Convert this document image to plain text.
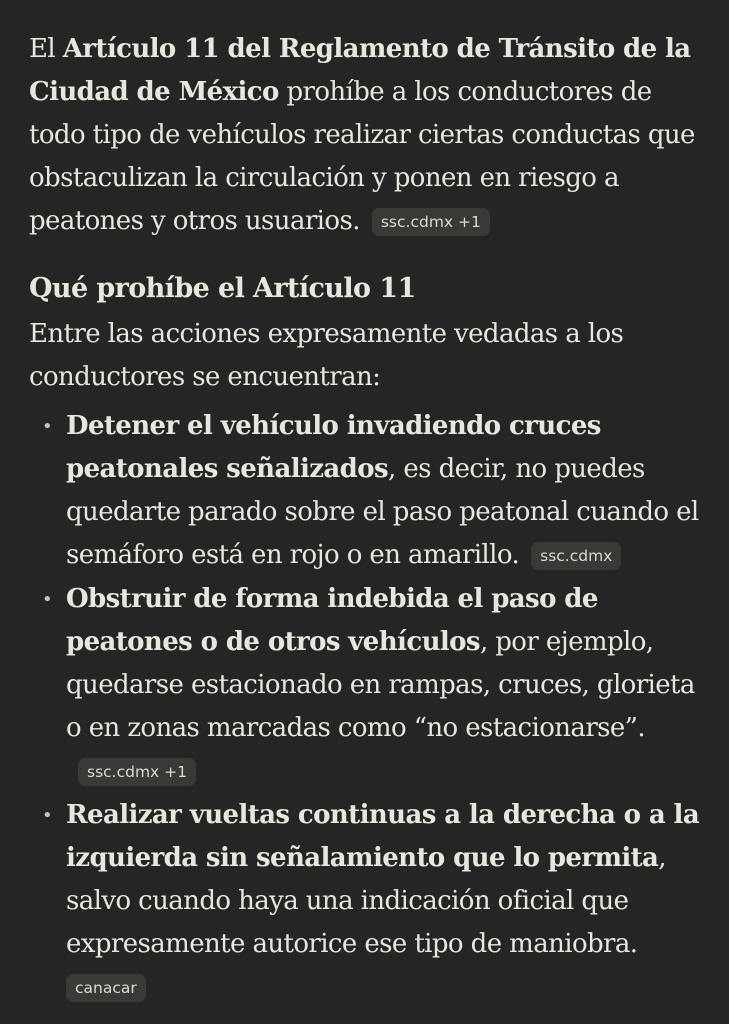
El Artículo 11 del Reglamento de Tránsito de la Ciudad de México prohíbe a los conductores de todo tipo de vehículos realizar ciertas conductas que obstaculizan la circulación y ponen en riesgo a peatones y otros usuarios. ssc.cdmx +1

Qué prohíbe el Artículo 11

Entre las acciones expresamente vedadas a los conductores se encuentran:

• Detener el vehículo invadiendo cruces peatonales señalizados, es decir, no puedes quedarte parado sobre el paso peatonal cuando el semáforo está en rojo o en amarillo. ssc.cdmx
• Obstruir de forma indebida el paso de peatones o de otros vehículos, por ejemplo, quedarse estacionado en rampas, cruces, glorieta o en zonas marcadas como “no estacionarse”.ssc.cdmx +1
• Realizar vueltas continuas a la derecha o a la izquierda sin señalamiento que lo permita, salvo cuando haya una indicación oficial que expresamente autorice ese tipo de maniobra.
canacar
